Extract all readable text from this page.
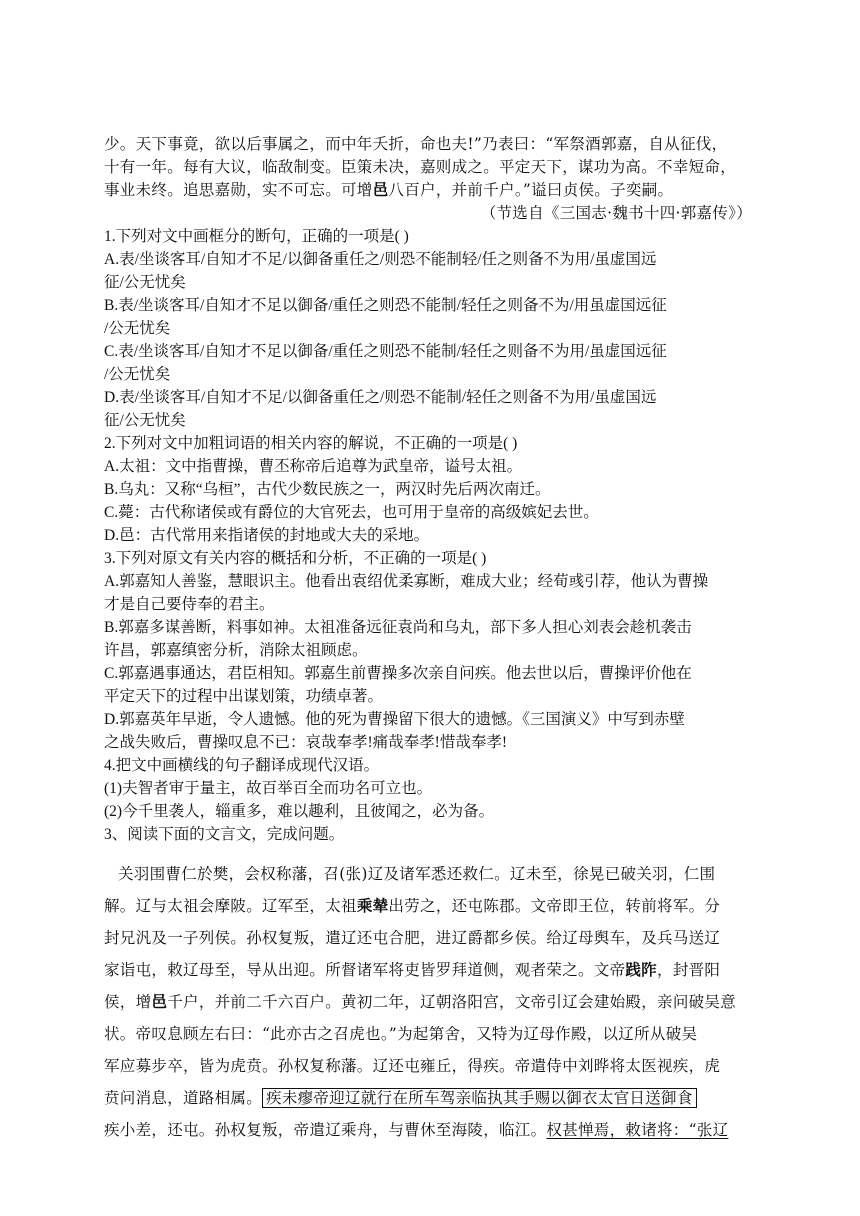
少。天下事竟，欲以后事属之，而中年夭折，命也夫!”乃表曰：“军祭酒郭嘉，自从征伐，
十有一年。每有大议，临敌制变。臣策未决，嘉则成之。平定天下，谋功为高。不幸短命，
事业未终。追思嘉勋，实不可忘。可增邑八百户，并前千户。”谥曰贞侯。子奕嗣。
（节选自《三国志·魏书十四·郭嘉传》）
1.下列对文中画框分的断句，正确的一项是( )
A.表/坐谈客耳/自知才不足/以御备重任之/则恐不能制轻/任之则备不为用/虽虚国远
征/公无忧矣
B.表/坐谈客耳/自知才不足以御备/重任之则恐不能制/轻任之则备不为/用虽虚国远征
/公无忧矣
C.表/坐谈客耳/自知才不足以御备/重任之则恐不能制/轻任之则备不为用/虽虚国远征
/公无忧矣
D.表/坐谈客耳/自知才不足/以御备重任之/则恐不能制/轻任之则备不为用/虽虚国远
征/公无忧矣
2.下列对文中加粗词语的相关内容的解说，不正确的一项是( )
A.太祖：文中指曹操，曹丕称帝后追尊为武皇帝，谥号太祖。
B.乌丸：又称“乌桓”，古代少数民族之一，两汉时先后两次南迁。
C.薨：古代称诸侯或有爵位的大官死去，也可用于皇帝的高级嫔妃去世。
D.邑：古代常用来指诸侯的封地或大夫的采地。
3.下列对原文有关内容的概括和分析，不正确的一项是( )
A.郭嘉知人善鉴，慧眼识主。他看出袁绍优柔寡断，难成大业；经荀彧引荐，他认为曹操
才是自己要侍奉的君主。
B.郭嘉多谋善断，料事如神。太祖准备远征袁尚和乌丸，部下多人担心刘表会趁机袭击
许昌，郭嘉缜密分析，消除太祖顾虑。
C.郭嘉遇事通达，君臣相知。郭嘉生前曹操多次亲自问疾。他去世以后，曹操评价他在
平定天下的过程中出谋划策，功绩卓著。
D.郭嘉英年早逝，令人遗憾。他的死为曹操留下很大的遗憾。《三国演义》中写到赤壁
之战失败后，曹操叹息不已：哀哉奉孝!痛哉奉孝!惜哉奉孝!
4.把文中画横线的句子翻译成现代汉语。
(1)夫智者审于量主，故百举百全而功名可立也。
(2)今千里袭人，辎重多，难以趣利，且彼闻之，必为备。
3、阅读下面的文言文，完成问题。
关羽围曹仁於樊，会权称藩，召(张)辽及诸军悉还救仁。辽未至，徐晃已破关羽，仁围
解。辽与太祖会摩陂。辽军至，太祖乘辇出劳之，还屯陈郡。文帝即王位，转前将军。分
封兄汎及一子列侯。孙权复叛，遣辽还屯合肥，进辽爵都乡侯。给辽母舆车，及兵马送辽
家诣屯，敕辽母至，导从出迎。所督诸军将吏皆罗拜道侧，观者荣之。文帝践阼，封晋阳
侯，增邑千户，并前二千六百户。黄初二年，辽朝洛阳宫，文帝引辽会建始殿，亲问破吴意
状。帝叹息顾左右曰：“此亦古之召虎也。”为起第舍，又特为辽母作殿，以辽所从破吴
军应募步卒，皆为虎贲。孙权复称藩。辽还屯雍丘，得疾。帝遣侍中刘晔将太医视疾，虎
贲问消息，道路相属。 疾未瘳帝迎辽就行在所车驾亲临执其手赐以御衣太官日送御食
疾小差，还屯。孙权复叛，帝遣辽乘舟，与曹休至海陵，临江。权甚惮焉，敕诸将：“张辽
